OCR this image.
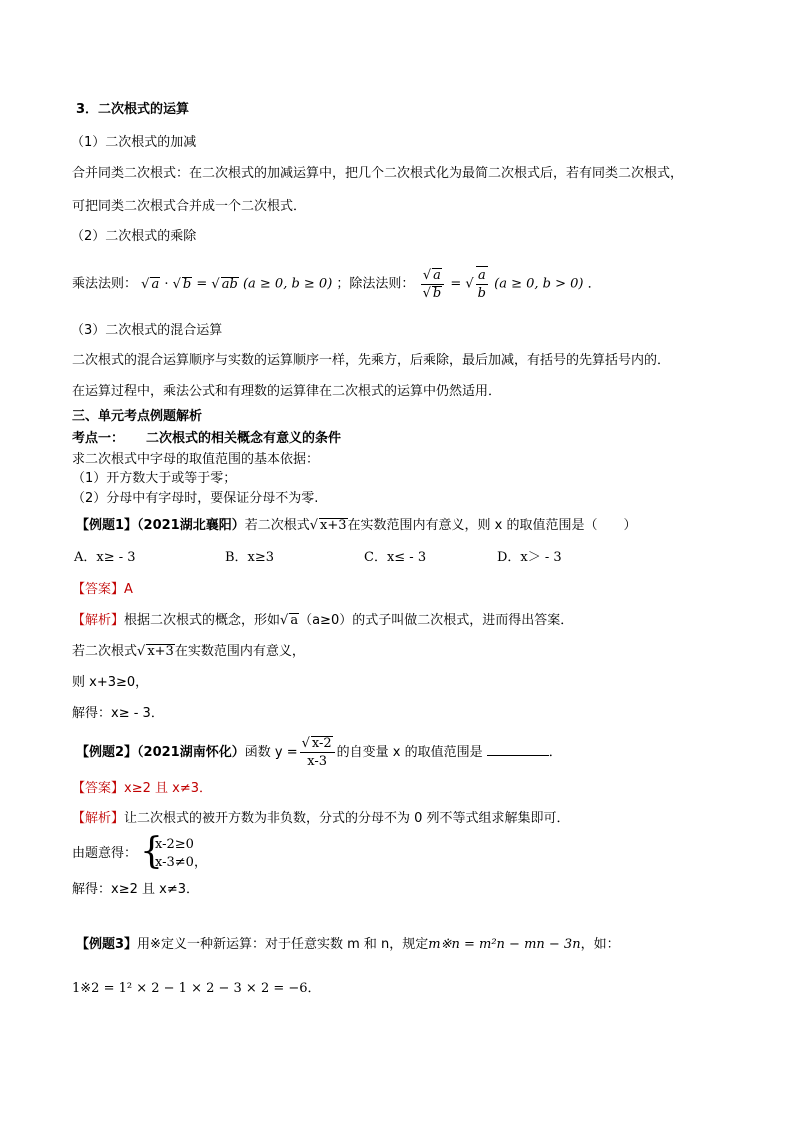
3．二次根式的运算
（1）二次根式的加减
合并同类二次根式：在二次根式的加减运算中，把几个二次根式化为最简二次根式后，若有同类二次根式，
可把同类二次根式合并成一个二次根式．
（2）二次根式的乘除
乘法法则： √ a · √ b = √ ab (a ≥ 0, b ≥ 0) ；除法法则： $\frac{√ a}{√ b}$ = √ $\frac{a}{b} (a \ge 0$, b > 0) ．
（3）二次根式的混合运算
二次根式的混合运算顺序与实数的运算顺序一样，先乘方，后乘除，最后加减，有括号的先算括号内的．
在运算过程中，乘法公式和有理数的运算律在二次根式的运算中仍然适用．
三、单元考点例题解析
考点一： 二次根式的相关概念有意义的条件
求二次根式中字母的取值范围的基本依据：
（1）开方数大于或等于零；
（2）分母中有字母时，要保证分母不为零.
【例题1】（2021湖北襄阳）若二次根式√ x+3在实数范围内有意义，则 x 的取值范围是（　　）
A．x≥ - 3	B．x≥3	C．x≤ - 3	D．x＞ - 3
【答案】A
【解析】根据二次根式的概念，形如√ a（a≥0）的式子叫做二次根式，进而得出答案．
若二次根式√ x+3在实数范围内有意义，
则 x+3≥0，
解得：x≥ - 3．
【例题2】（2021湖南怀化）函数 $y = \frac{√ x-2}{x-3}$ 的自变量 x 的取值范围是	．
【答案】x≥2 且 x≠3．
【解析】让二次根式的被开方数为非负数，分式的分母不为 0 列不等式组求解集即可．
由题意得： {
x-2≥0
x-3≠0，
解得：x≥2 且 x≠3．
【例题3】用※定义一种新运算：对于任意实数 m 和 n，规定m※n = m²n − mn − 3n，如：
1※2 = 1² × 2 − 1 × 2 − 3 × 2 = −6．
